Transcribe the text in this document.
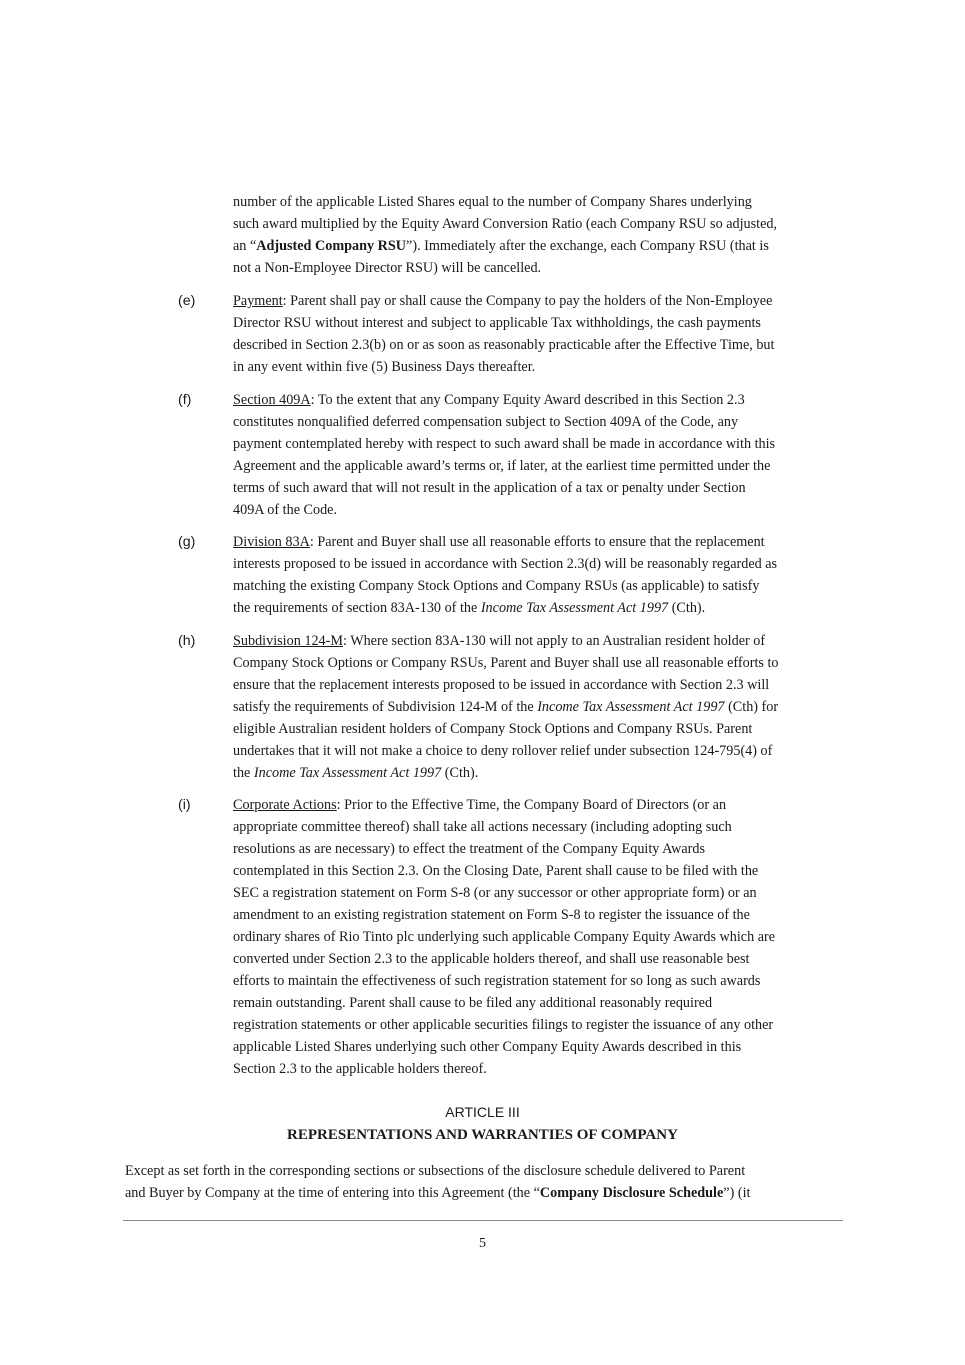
number of the applicable Listed Shares equal to the number of Company Shares underlying
such award multiplied by the Equity Award Conversion Ratio (each Company RSU so adjusted,
an “Adjusted Company RSU”). Immediately after the exchange, each Company RSU (that is
not a Non-Employee Director RSU) will be cancelled.
(e)	Payment: Parent shall pay or shall cause the Company to pay the holders of the Non-Employee
Director RSU without interest and subject to applicable Tax withholdings, the cash payments
described in Section 2.3(b) on or as soon as reasonably practicable after the Effective Time, but
in any event within five (5) Business Days thereafter.
(f)	Section 409A: To the extent that any Company Equity Award described in this Section 2.3
constitutes nonqualified deferred compensation subject to Section 409A of the Code, any
payment contemplated hereby with respect to such award shall be made in accordance with this
Agreement and the applicable award’s terms or, if later, at the earliest time permitted under the
terms of such award that will not result in the application of a tax or penalty under Section
409A of the Code.
(g)	Division 83A: Parent and Buyer shall use all reasonable efforts to ensure that the replacement
interests proposed to be issued in accordance with Section 2.3(d) will be reasonably regarded as
matching the existing Company Stock Options and Company RSUs (as applicable) to satisfy
the requirements of section 83A-130 of the Income Tax Assessment Act 1997 (Cth).
(h)	Subdivision 124-M: Where section 83A-130 will not apply to an Australian resident holder of
Company Stock Options or Company RSUs, Parent and Buyer shall use all reasonable efforts to
ensure that the replacement interests proposed to be issued in accordance with Section 2.3 will
satisfy the requirements of Subdivision 124-M of the Income Tax Assessment Act 1997 (Cth) for
eligible Australian resident holders of Company Stock Options and Company RSUs. Parent
undertakes that it will not make a choice to deny rollover relief under subsection 124-795(4) of
the Income Tax Assessment Act 1997 (Cth).
(i)	Corporate Actions: Prior to the Effective Time, the Company Board of Directors (or an
appropriate committee thereof) shall take all actions necessary (including adopting such
resolutions as are necessary) to effect the treatment of the Company Equity Awards
contemplated in this Section 2.3. On the Closing Date, Parent shall cause to be filed with the
SEC a registration statement on Form S-8 (or any successor or other appropriate form) or an
amendment to an existing registration statement on Form S-8 to register the issuance of the
ordinary shares of Rio Tinto plc underlying such applicable Company Equity Awards which are
converted under Section 2.3 to the applicable holders thereof, and shall use reasonable best
efforts to maintain the effectiveness of such registration statement for so long as such awards
remain outstanding. Parent shall cause to be filed any additional reasonably required
registration statements or other applicable securities filings to register the issuance of any other
applicable Listed Shares underlying such other Company Equity Awards described in this
Section 2.3 to the applicable holders thereof.
ARTICLE III
REPRESENTATIONS AND WARRANTIES OF COMPANY
Except as set forth in the corresponding sections or subsections of the disclosure schedule delivered to Parent
and Buyer by Company at the time of entering into this Agreement (the “Company Disclosure Schedule”) (it
5
